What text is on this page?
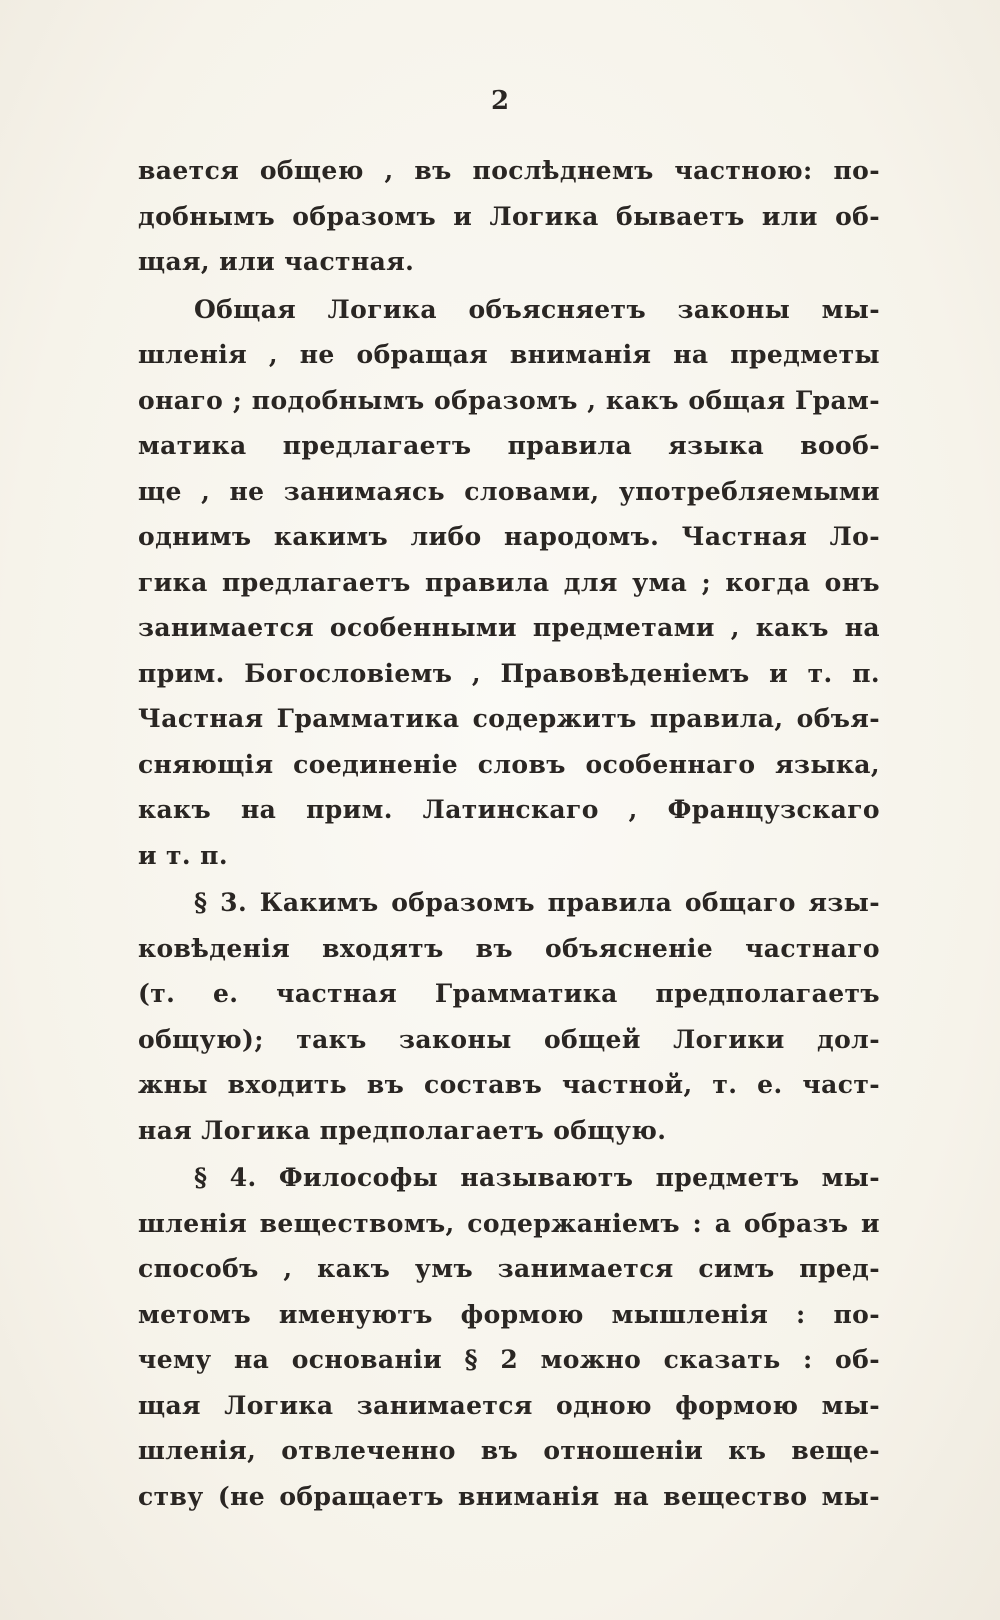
2
вается общею , въ послѣднемъ частною: по-
добнымъ образомъ и Логика бываетъ или об-
щая, или частная.
Общая Логика объясняетъ законы мы-
шленія , не обращая вниманія на предметы
онаго ; подобнымъ образомъ , какъ общая Грам-
матика предлагаетъ правила языка вооб-
ще , не занимаясь словами, употребляемыми
однимъ какимъ либо народомъ. Частная Ло-
гика предлагаетъ правила для ума ; когда онъ
занимается особенными предметами , какъ на
прим. Богословіемъ , Правовѣденіемъ и т. п.
Частная Грамматика содержитъ правила, объя-
сняющія соединеніе словъ особеннаго языка,
какъ на прим. Латинскаго , Французскаго
и т. п.
§ 3. Какимъ образомъ правила общаго язы-
ковѣденія входятъ въ объясненіе частнаго
(т. е. частная Грамматика предполагаетъ
общую); такъ законы общей Логики дол-
жны входить въ составъ частной, т. е. част-
ная Логика предполагаетъ общую.
§ 4. Философы называютъ предметъ мы-
шленія веществомъ, содержаніемъ : а образъ и
способъ , какъ умъ занимается симъ пред-
метомъ именуютъ формою мышленія : по-
чему на основаніи § 2 можно сказать : об-
щая Логика занимается одною формою мы-
шленія, отвлеченно въ отношеніи къ веще-
ству (не обращаетъ вниманія на вещество мы-
